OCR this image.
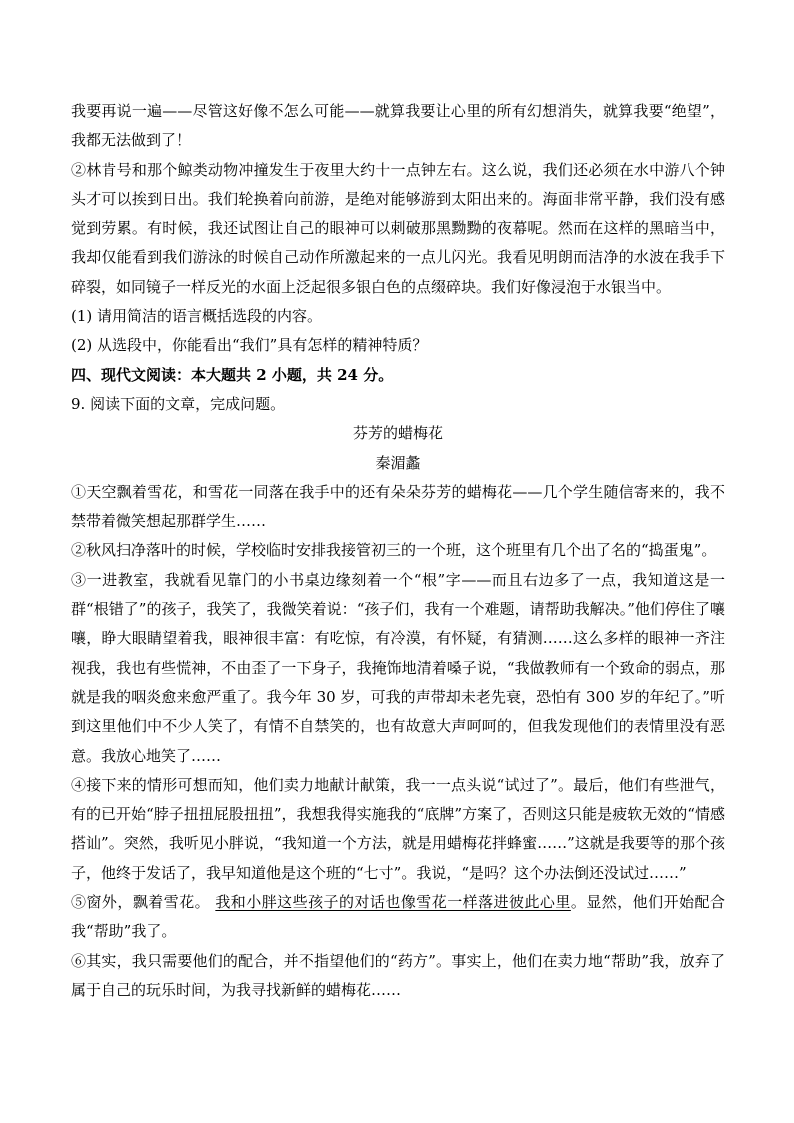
我要再说一遍——尽管这好像不怎么可能——就算我要让心里的所有幻想消失，就算我要“绝望”，我都无法做到了！

②林肯号和那个鲸类动物冲撞发生于夜里大约十一点钟左右。这么说，我们还必须在水中游八个钟头才可以挨到日出。我们轮换着向前游，是绝对能够游到太阳出来的。海面非常平静，我们没有感觉到劳累。有时候，我还试图让自己的眼神可以刺破那黑黝黝的夜幕呢。然而在这样的黑暗当中，我却仅能看到我们游泳的时候自己动作所激起来的一点儿闪光。我看见明朗而洁净的水波在我手下碎裂，如同镜子一样反光的水面上泛起很多银白色的点缀碎块。我们好像浸泡于水银当中。

(1) 请用简洁的语言概括选段的内容。

(2) 从选段中，你能看出“我们”具有怎样的精神特质？

四、现代文阅读：本大题共 2 小题，共 24 分。

9. 阅读下面的文章，完成问题。

芬芳的蜡梅花

秦湄蠡

①天空飘着雪花，和雪花一同落在我手中的还有朵朵芬芳的蜡梅花——几个学生随信寄来的，我不禁带着微笑想起那群学生……

②秋风扫净落叶的时候，学校临时安排我接管初三的一个班，这个班里有几个出了名的“捣蛋鬼”。

③一进教室，我就看见靠门的小书桌边缘刻着一个“根”字——而且右边多了一点，我知道这是一群“根错了”的孩子，我笑了，我微笑着说：“孩子们，我有一个难题，请帮助我解决。”他们停住了嚷嚷，睁大眼睛望着我，眼神很丰富：有吃惊，有冷漠，有怀疑，有猜测……这么多样的眼神一齐注视我，我也有些慌神，不由歪了一下身子，我掩饰地清着嗓子说，“我做教师有一个致命的弱点，那就是我的咽炎愈来愈严重了。我今年 30 岁，可我的声带却未老先衰，恐怕有 300 岁的年纪了。”听到这里他们中不少人笑了，有情不自禁笑的，也有故意大声呵呵的，但我发现他们的表情里没有恶意。我放心地笑了……

④接下来的情形可想而知，他们卖力地献计献策，我一一点头说“试过了”。最后，他们有些泄气，有的已开始“脖子扭扭屁股扭扭”，我想我得实施我的“底牌”方案了，否则这只能是疲软无效的“情感搭讪”。突然，我听见小胖说，“我知道一个方法，就是用蜡梅花拌蜂蜜……”这就是我要等的那个孩子，他终于发话了，我早知道他是这个班的“七寸”。我说，“是吗？这个办法倒还没试过……”

⑤窗外，飘着雪花。 我和小胖这些孩子的对话也像雪花一样落进彼此心里。显然，他们开始配合我“帮助”我了。

⑥其实，我只需要他们的配合，并不指望他们的“药方”。事实上，他们在卖力地“帮助”我，放弃了属于自己的玩乐时间，为我寻找新鲜的蜡梅花……
